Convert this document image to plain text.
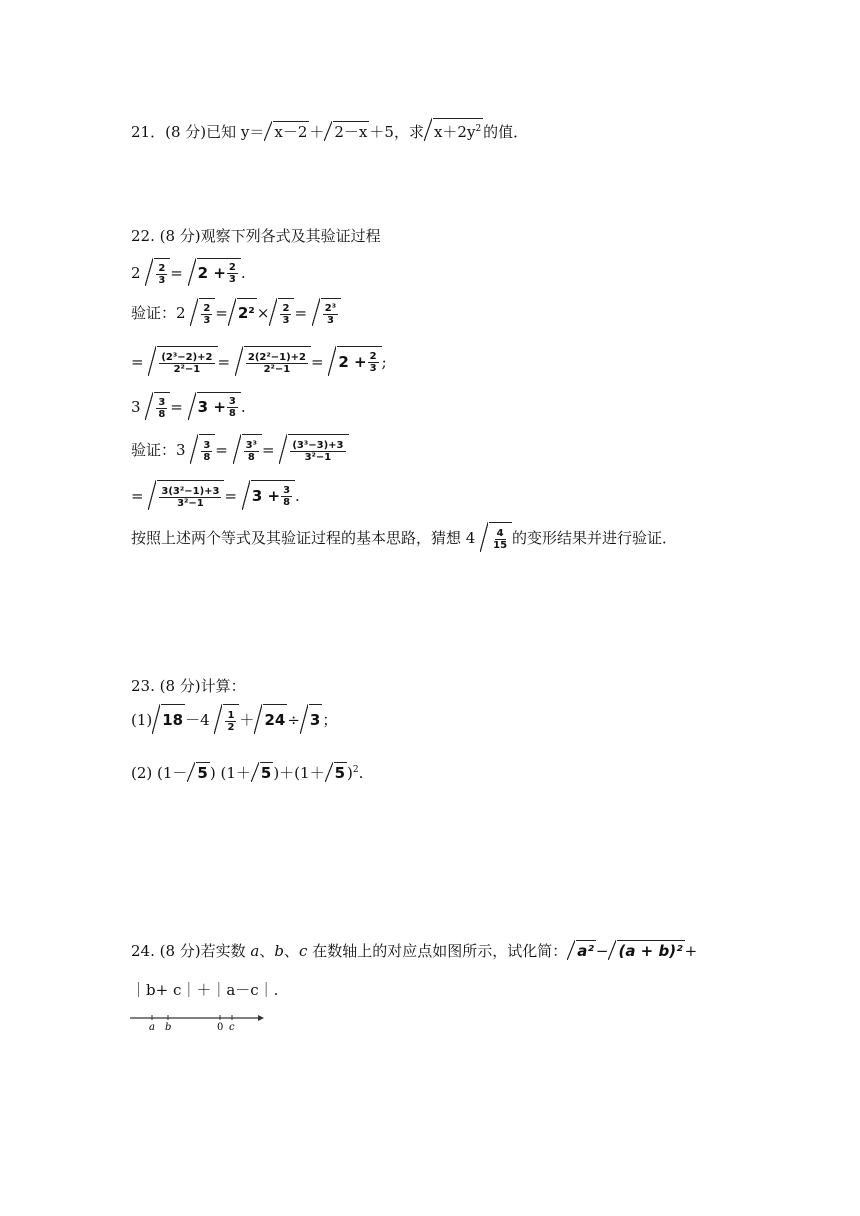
21．(8 分)已知 y＝ x－2 ＋ 2－x ＋5，求 $x+2y^2$ 的值．
22. (8 分)观察下列各式及其验证过程
$2 \frac{2}{3} = 2 + \frac{2}{3}$ .
验证：$2 \frac{2}{3} = 2^2 \times \frac{2}{3} = \frac{\text{2³}}{3}$
= $\frac{\text{(2³−2)+2}}{\text{2²−1}} = \frac{\text{2(2²−1)+2}}{\text{2²−1}} = 2 + \frac{2}{3}$ ;
$3 \frac{3}{8} = 3 + \frac{3}{8}$ .
验证：$3 \frac{3}{8} = \frac{\text{3³}}{8} = \frac{\text{(3³−3)+3}}{\text{3²−1}}$
= $\frac{\text{3(3²−1)+3}}{\text{3²−1}} = 3 + \frac{3}{8}$ .
按照上述两个等式及其验证过程的基本思路，猜想 $4 \frac{4}{15}$ 的变形结果并进行验证．
23. (8 分)计算：
(1) $18 -4 \frac{1}{2} + 24 \div 3$ ；
(2) (1－ 5 ) (1＋ 5 )＋(1＋ 5 )$^2$.
24. (8 分)若实数 a、b、c 在数轴上的对应点如图所示，试化简： a² − (a + b)² +
｜b+ c｜＋｜a－c｜.
a b	0 c
